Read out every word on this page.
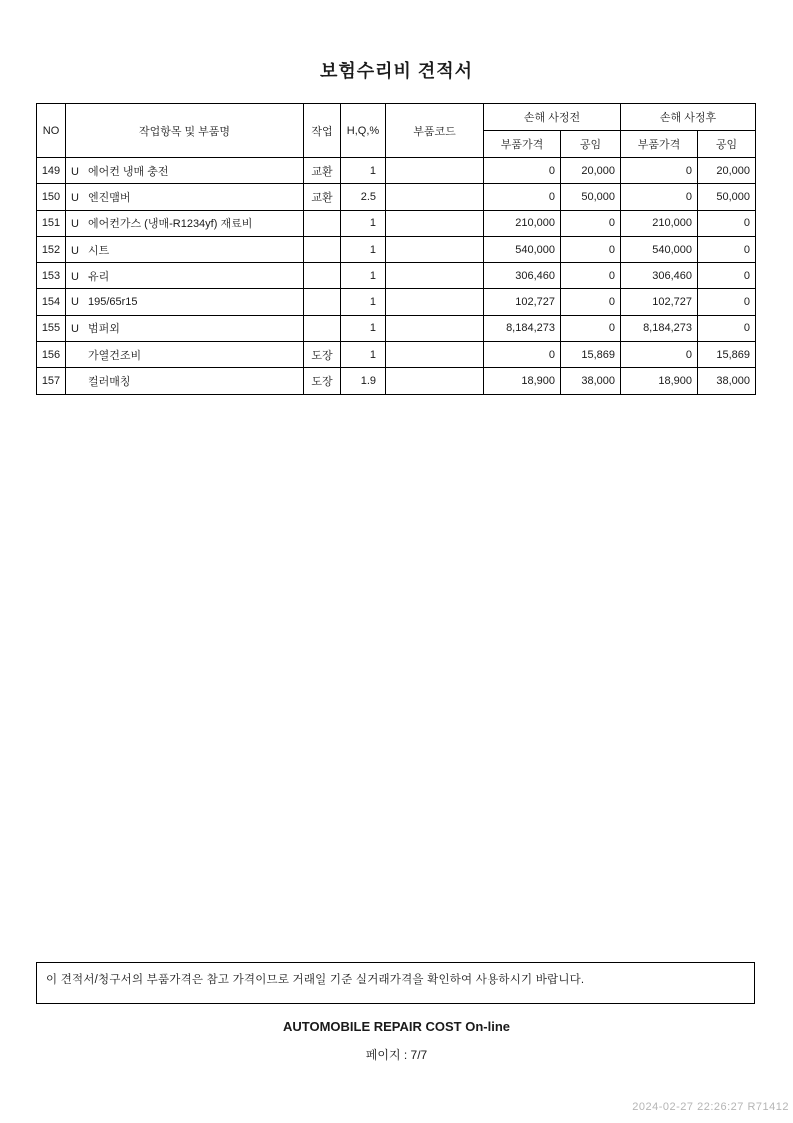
보험수리비 견적서
NO	작업항목 및 부품명	작업	H,Q,%	부품코드	손해 사정전		손해 사정후	
					부품가격	공임	부품가격	공임
149	U 에어컨 냉매 충전	교환	1		0	20,000	0	20,000
150	U 엔진맴버	교환	2.5		0	50,000	0	50,000
151	U 에어컨가스 (냉매-R1234yf) 재료비		1		210,000	0	210,000	0
152	U 시트		1		540,000	0	540,000	0
153	U 유리		1		306,460	0	306,460	0
154	U 195/65r15		1		102,727	0	102,727	0
155	U 범퍼외		1		8,184,273	0	8,184,273	0
156	가열건조비	도장	1		0	15,869	0	15,869
157	컬러매칭	도장	1.9		18,900	38,000	18,900	38,000
이 견적서/청구서의 부품가격은 참고 가격이므로 거래일 기준 실거래가격을 확인하여 사용하시기 바랍니다.
AUTOMOBILE REPAIR COST On-line
페이지 : 7/7
2024-02-27 22:26:27 R71412
